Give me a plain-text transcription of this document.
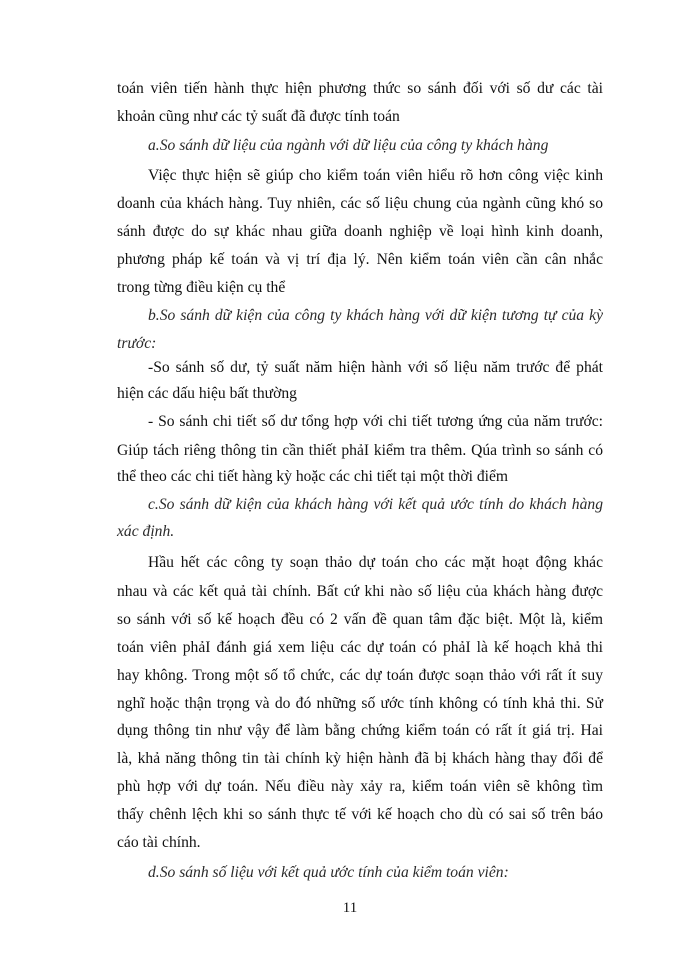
toán viên tiến hành thực hiện phương thức so sánh đối với số dư các tài
khoản cũng như các tỷ suất đã được tính toán
a.So sánh dữ liệu của ngành với dữ liệu của công ty khách hàng
Việc thực hiện sẽ giúp cho kiểm toán viên hiểu rõ hơn công việc kinh
doanh của khách hàng. Tuy nhiên, các số liệu chung của ngành cũng khó so
sánh được do sự khác nhau giữa doanh nghiệp về loại hình kinh doanh,
phương pháp kế toán và vị trí địa lý. Nên kiểm toán viên cần cân nhắc
trong từng điều kiện cụ thể
b.So sánh dữ kiện của công ty khách hàng với dữ kiện tương tự của kỳ
trước:
-So sánh số dư, tỷ suất năm hiện hành với số liệu năm trước để phát
hiện các dấu hiệu bất thường
- So sánh chi tiết số dư tổng hợp với chi tiết tương ứng của năm trước:
Giúp tách riêng thông tin cần thiết phảI kiểm tra thêm. Qúa trình so sánh có
thể theo các chi tiết hàng kỳ hoặc các chi tiết tại một thời điểm
c.So sánh dữ kiện của khách hàng với kết quả ước tính do khách hàng
xác định.
Hầu hết các công ty soạn thảo dự toán cho các mặt hoạt động khác
nhau và các kết quả tài chính. Bất cứ khi nào số liệu của khách hàng được
so sánh với số kế hoạch đều có 2 vấn đề quan tâm đặc biệt. Một là, kiểm
toán viên phảI đánh giá xem liệu các dự toán có phảI là kế hoạch khả thi
hay không. Trong một số tổ chức, các dự toán được soạn thảo với rất ít suy
nghĩ hoặc thận trọng và do đó những số ước tính không có tính khả thi. Sử
dụng thông tin như vậy để làm bằng chứng kiểm toán có rất ít giá trị. Hai
là, khả năng thông tin tài chính kỳ hiện hành đã bị khách hàng thay đổi để
phù hợp với dự toán. Nếu điều này xảy ra, kiểm toán viên sẽ không tìm
thấy chênh lệch khi so sánh thực tế với kế hoạch cho dù có sai số trên báo
cáo tài chính.
d.So sánh số liệu với kết quả ước tính của kiểm toán viên:
11
